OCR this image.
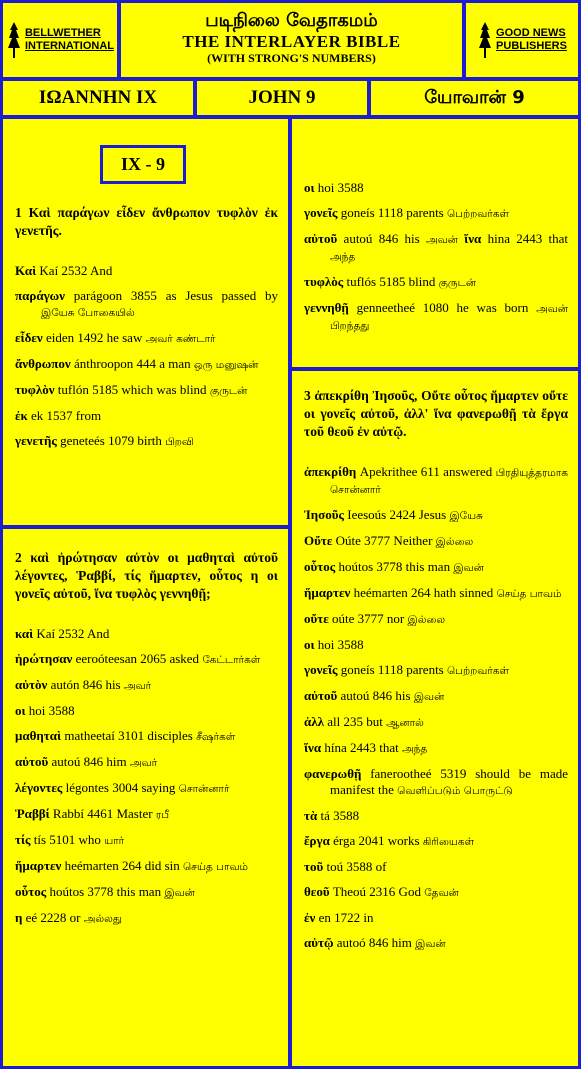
BELLWETHER
INTERNATIONAL
படிநிலை வேதாகமம்
THE INTERLAYER BIBLE
(WITH STRONG'S NUMBERS)
GOOD NEWS
PUBLISHERS
IΩANNHN IX	JOHN 9	யோவான் 9
IX - 9
1 Καὶ παράγων εἶδεν ἄνθρωπον τυφλὸν ἐκ γενετῆς.
Καὶ Kaí 2532 And
παράγων parágoon 3855 as Jesus passed by இயேசு போகையில்
εἶδεν eiden 1492 he saw அவர் கண்டார்
ἄνθρωπον ánthroopon 444 a man ஒரு மனுஷன்
τυφλὸν tuflón 5185 which was blind குருடன்
ἐκ ek 1537 from
γενετῆς geneteés 1079 birth பிறவி
2 καὶ ἠρώτησαν αὐτὸν οι μαθηταὶ αὐτοῦ λέγοντες, Ῥαββί, τίς ἥμαρτεν, οὗτος η οι γονεῖς αὐτοῦ, ἵνα τυφλὸς γεννηθῇ;
καὶ Kaí 2532 And
ἠρώτησαν eeroóteesan 2065 asked கேட்டார்கள்
αὐτὸν autón 846 his அவர்
οι hoi 3588
μαθηταὶ matheetaí 3101 disciples சீஷர்கள்
αὐτοῦ autoú 846 him அவர்
λέγοντες légontes 3004 saying சொன்னார்
Ῥαββί Rabbí 4461 Master ரபீ
τίς tís 5101 who யார்
ἥμαρτεν heémarten 264 did sin செய்த பாவம்
οὗτος hoútos 3778 this man இவன்
η eé 2228 or அல்லது
οι hoi 3588
γονεῖς goneís 1118 parents பெற்றவர்கள்
αὐτοῦ autoú 846 his அவன் ἵνα hina 2443 that அந்த
τυφλὸς tuflós 5185 blind குருடன்
γεννηθῇ genneetheé 1080 he was born அவன் பிறந்தது
3 ἀπεκρίθη Ἰησοῦς, Οὔτε οὗτος ἥμαρτεν οὔτε οι γονεῖς αὐτοῦ, ἀλλ' ἵνα φανερωθῇ τὰ ἔργα τοῦ θεοῦ ἐν αὐτῷ.
ἀπεκρίθη Apekrithee 611 answered பிரதியுத்தரமாக சொன்னார்
Ἰησοῦς Ieesoús 2424 Jesus இயேசு
Οὔτε Oúte 3777 Neither இல்லை
οὗτος hoútos 3778 this man இவன்
ἥμαρτεν heémarten 264 hath sinned செய்த பாவம்
οὔτε oúte 3777 nor இல்லை
οι hoi 3588
γονεῖς goneís 1118 parents பெற்றவர்கள்
αὐτοῦ autoú 846 his இவன்
ἀλλ all 235 but ஆனால்
ἵνα hína 2443 that அந்த
φανερωθῇ fanerootheé 5319 should be made manifest the வெளிப்படும் பொருட்டு
τὰ tá 3588
ἔργα érga 2041 works கிரியைகள்
τοῦ toú 3588 of
θεοῦ Theoú 2316 God தேவன்
ἐν en 1722 in
αὐτῷ autoó 846 him இவன்
